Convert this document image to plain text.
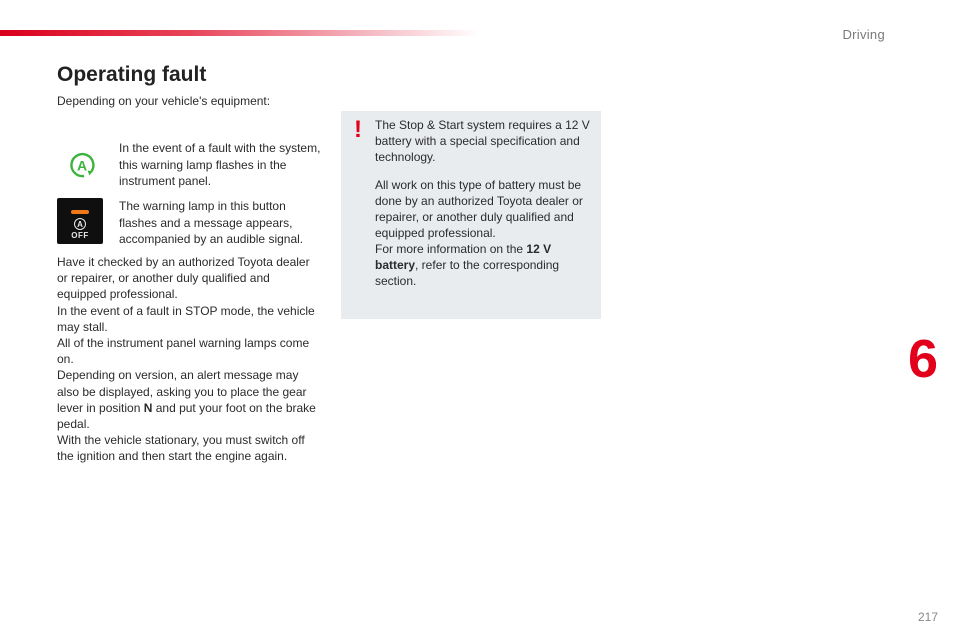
Driving
Operating fault

Depending on your vehicle's equipment:

A

In the event of a fault with the system, this warning lamp flashes in the instrument panel.

A
OFF

The warning lamp in this button flashes and a message appears, accompanied by an audible signal.

Have it checked by an authorized Toyota dealer or repairer, or another duly qualified and equipped professional.
In the event of a fault in STOP mode, the vehicle may stall.
All of the instrument panel warning lamps come on.
Depending on version, an alert message may also be displayed, asking you to place the gear lever in position N and put your foot on the brake pedal.
With the vehicle stationary, you must switch off the ignition and then start the engine again.

! The Stop & Start system requires a 12 V battery with a special specification and technology.

All work on this type of battery must be done by an authorized Toyota dealer or repairer, or another duly qualified and equipped professional.
For more information on the 12 V battery, refer to the corresponding section.

6
217
